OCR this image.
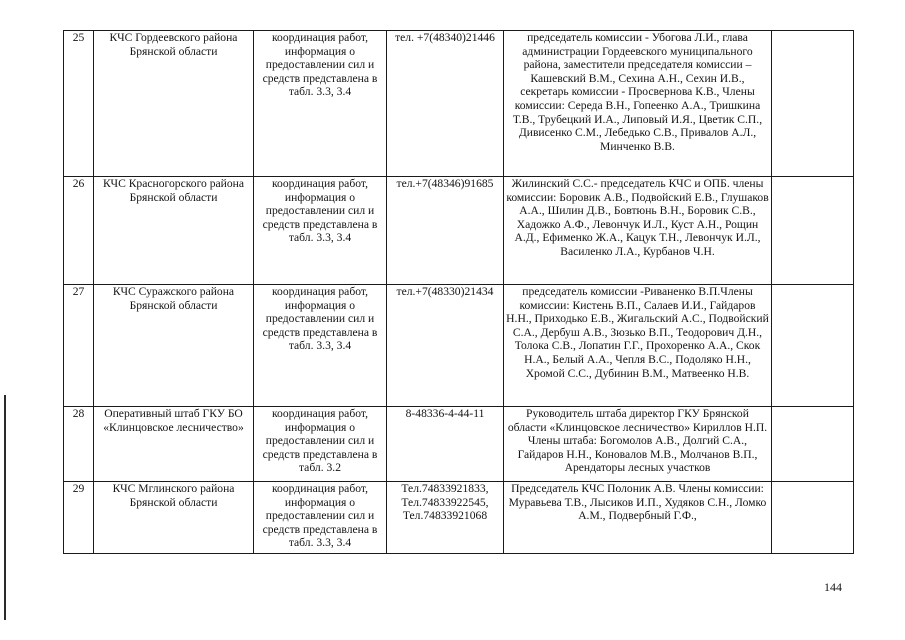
25	КЧС Гордеевского района Брянской области	координация работ, информация о предоставлении сил и средств представлена в табл. 3.3, 3.4	тел. +7(48340)21446	председатель комиссии - Убогова Л.И., глава администрации Гордеевского муниципального района, заместители председателя комиссии – Кашевский В.М., Сехина А.Н., Сехин И.В., секретарь комиссии - Просвернова К.В., Члены комиссии: Середа В.Н., Гопеенко А.А., Тришкина Т.В., Трубецкий И.А., Липовый И.Я., Цветик С.П., Дивисенко С.М., Лебедько С.В., Привалов А.Л., Минченко В.В.	
26	КЧС Красногорского района Брянской области	координация работ, информация о предоставлении сил и средств представлена в табл. 3.3, 3.4	тел.+7(48346)91685	Жилинский С.С.- председатель КЧС и ОПБ. члены комиссии: Боровик А.В., Подвойский Е.В., Глушаков А.А., Шилин Д.В., Бовтюнь В.Н., Боровик С.В., Хадожко А.Ф., Левончук И.Л., Куст А.Н., Рощин А.Д., Ефименко Ж.А., Кацук Т.Н., Левончук И.Л., Василенко Л.А., Курбанов Ч.Н.	
27	КЧС Суражского района Брянской области	координация работ, информация о предоставлении сил и средств представлена в табл. 3.3, 3.4	тел.+7(48330)21434	председатель комиссии -Риваненко В.П.Члены комиссии: Кистень В.П., Салаев И.И., Гайдаров Н.Н., Приходько Е.В., Жигальский А.С., Подвойский С.А., Дербуш А.В., Зюзько В.П., Теодорович Д.Н., Толока С.В., Лопатин Г.Г., Прохоренко А.А., Скок Н.А., Белый А.А., Чепля В.С., Подоляко Н.Н., Хромой С.С., Дубинин В.М., Матвеенко Н.В.	
28	Оперативный штаб ГКУ БО «Клинцовское лесничество»	координация работ, информация о предоставлении сил и средств представлена в табл. 3.2	8-48336-4-44-11	Руководитель штаба директор ГКУ Брянской области «Клинцовское лесничество» Кириллов Н.П. Члены штаба: Богомолов А.В., Долгий С.А., Гайдаров Н.Н., Коновалов М.В., Молчанов В.П., Арендаторы лесных участков	
29	КЧС Мглинского района Брянской области	координация работ, информация о предоставлении сил и средств представлена в табл. 3.3, 3.4	Тел.74833921833, Тел.74833922545, Тел.74833921068	Председатель КЧС Полоник А.В. Члены комиссии: Муравьева Т.В., Лысиков И.П., Худяков С.Н., Ломко А.М., Подвербный Г.Ф.,	
144
